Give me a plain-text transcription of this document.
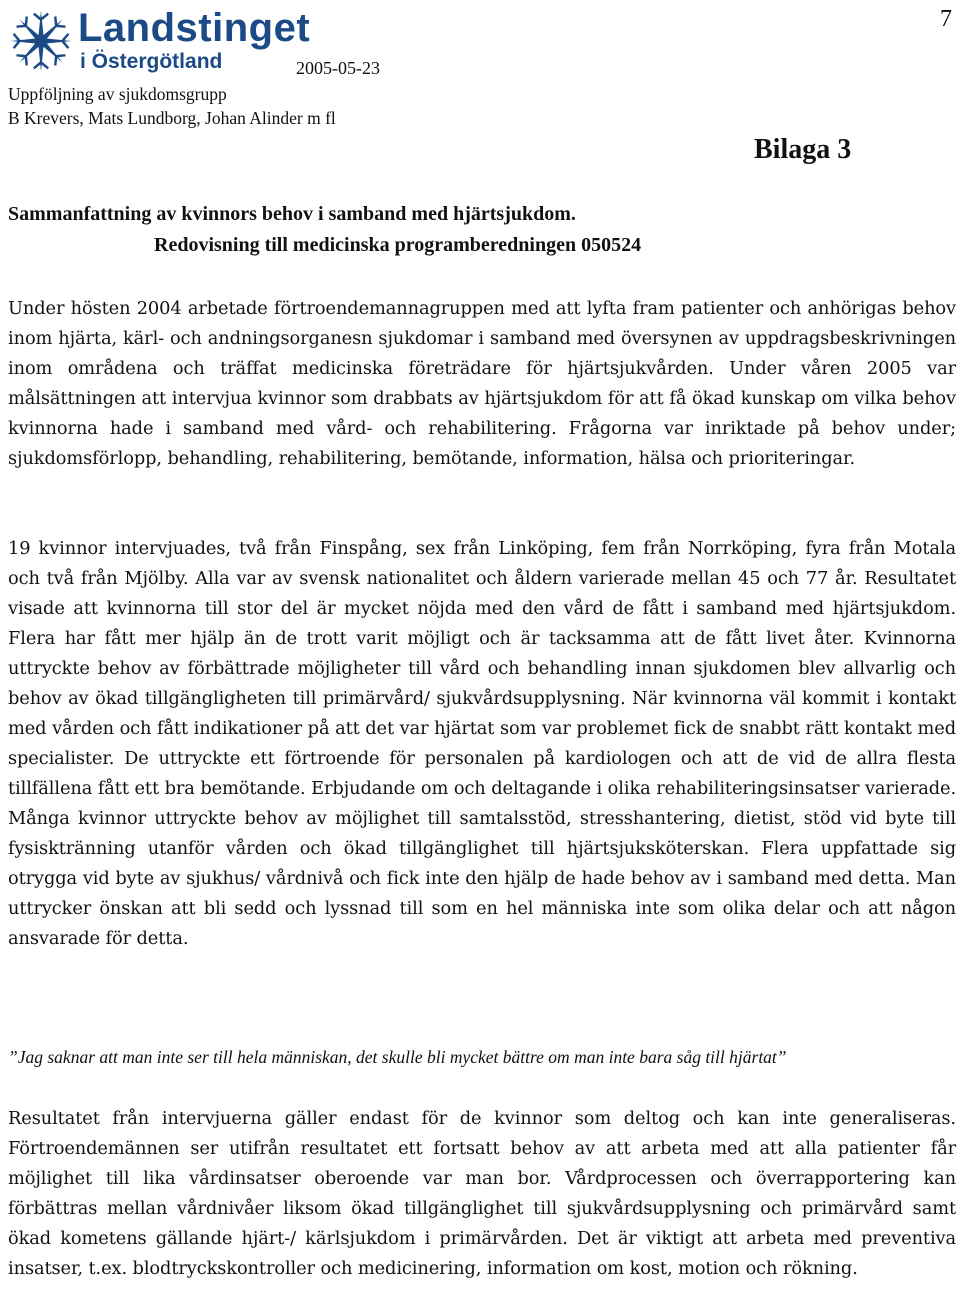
Landstinget
i Östergötland
7
2005-05-23
Uppföljning av sjukdomsgrupp
B Krevers, Mats Lundborg, Johan Alinder m fl
Bilaga 3
Sammanfattning av kvinnors behov i samband med hjärtsjukdom.
Redovisning till medicinska programberedningen 050524

Under hösten 2004 arbetade förtroendemannagruppen med att lyfta fram patienter och anhörigas behov inom hjärta, kärl- och andningsorganesn sjukdomar i samband med översynen av uppdragsbeskrivningen inom områdena och träffat medicinska företrädare för hjärtsjukvården. Under våren 2005 var målsättningen att intervjua kvinnor som drabbats av hjärtsjukdom för att få ökad kunskap om vilka behov kvinnorna hade i samband med vård- och rehabilitering. Frågorna var inriktade på behov under; sjukdomsförlopp, behandling, rehabilitering, bemötande, information, hälsa och prioriteringar.

19 kvinnor intervjuades, två från Finspång, sex från Linköping, fem från Norrköping, fyra från Motala och två från Mjölby. Alla var av svensk nationalitet och åldern varierade mellan 45 och 77 år. Resultatet visade att kvinnorna till stor del är mycket nöjda med den vård de fått i samband med hjärtsjukdom. Flera har fått mer hjälp än de trott varit möjligt och är tacksamma att de fått livet åter. Kvinnorna uttryckte behov av förbättrade möjligheter till vård och behandling innan sjukdomen blev allvarlig och behov av ökad tillgängligheten till primärvård/ sjukvårdsupplysning. När kvinnorna väl kommit i kontakt med vården och fått indikationer på att det var hjärtat som var problemet fick de snabbt rätt kontakt med specialister. De uttryckte ett förtroende för personalen på kardiologen och att de vid de allra flesta tillfällena fått ett bra bemötande. Erbjudande om och deltagande i olika rehabiliteringsinsatser varierade. Många kvinnor uttryckte behov av möjlighet till samtalsstöd, stresshantering, dietist, stöd vid byte till fysisktränning utanför vården och ökad tillgänglighet till hjärtsjuksköterskan. Flera uppfattade sig otrygga vid byte av sjukhus/ vårdnivå och fick inte den hjälp de hade behov av i samband med detta. Man uttrycker önskan att bli sedd och lyssnad till som en hel människa inte som olika delar och att någon ansvarade för detta.

”Jag saknar att man inte ser till hela människan, det skulle bli mycket bättre om man inte bara såg till hjärtat”

Resultatet från intervjuerna gäller endast för de kvinnor som deltog och kan inte generaliseras. Förtroendemännen ser utifrån resultatet ett fortsatt behov av att arbeta med att alla patienter får möjlighet till lika vårdinsatser oberoende var man bor. Vårdprocessen och överrapportering kan förbättras mellan vårdnivåer liksom ökad tillgänglighet till sjukvårdsupplysning och primärvård samt ökad kometens gällande hjärt-/ kärlsjukdom i primärvården. Det är viktigt att arbeta med preventiva insatser, t.ex. blodtryckskontroller och medicinering, information om kost, motion och rökning.
